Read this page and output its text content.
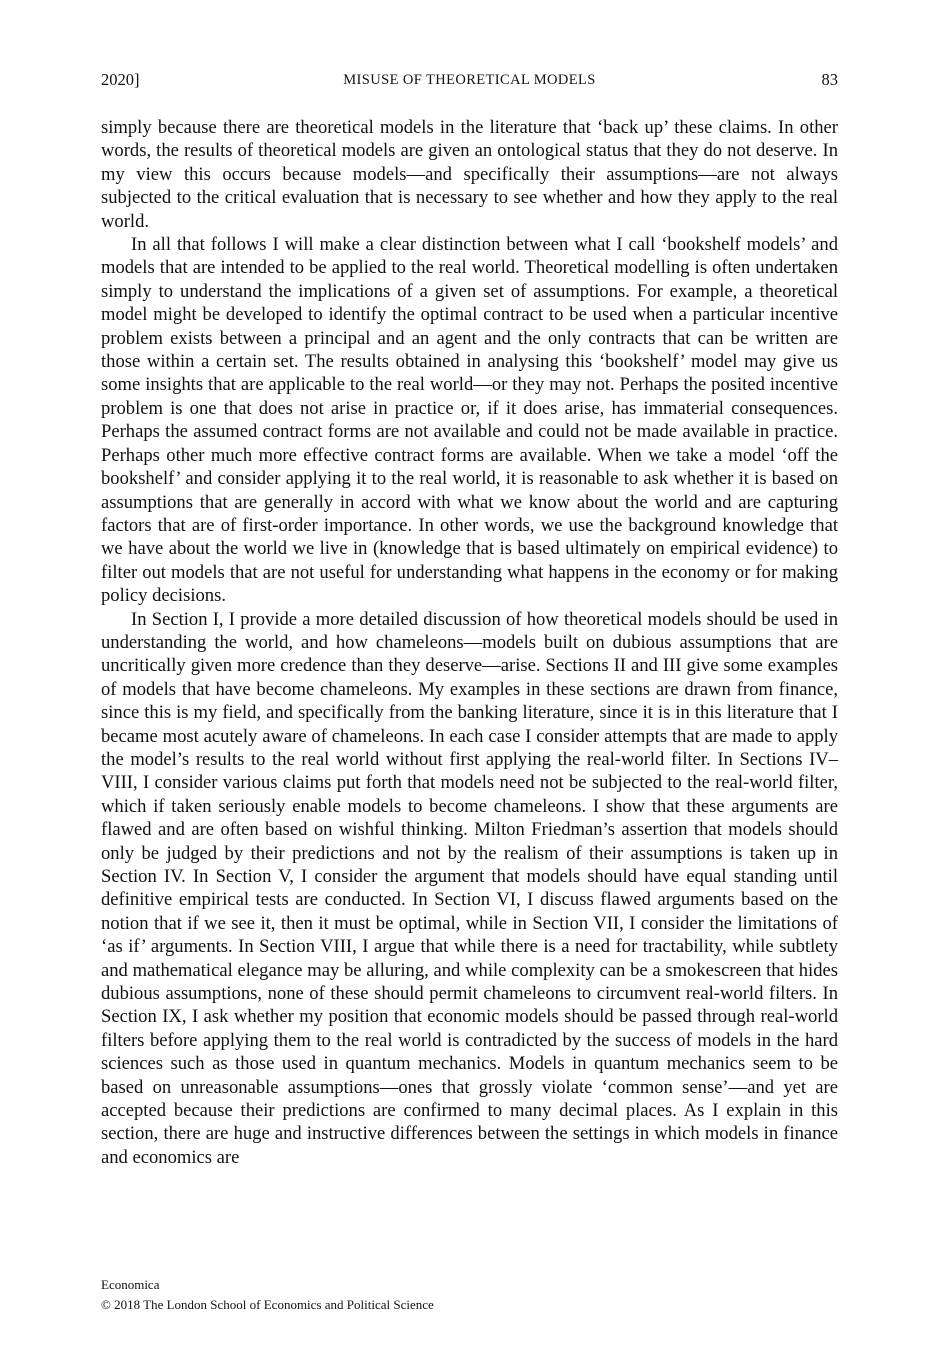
2020]	MISUSE OF THEORETICAL MODELS	83

simply because there are theoretical models in the literature that ‘back up’ these claims. In other words, the results of theoretical models are given an ontological status that they do not deserve. In my view this occurs because models—and specifically their assumptions—are not always subjected to the critical evaluation that is necessary to see whether and how they apply to the real world.

In all that follows I will make a clear distinction between what I call ‘bookshelf models’ and models that are intended to be applied to the real world. Theoretical modelling is often undertaken simply to understand the implications of a given set of assumptions. For example, a theoretical model might be developed to identify the optimal contract to be used when a particular incentive problem exists between a principal and an agent and the only contracts that can be written are those within a certain set. The results obtained in analysing this ‘bookshelf’ model may give us some insights that are applicable to the real world—or they may not. Perhaps the posited incentive problem is one that does not arise in practice or, if it does arise, has immaterial consequences. Perhaps the assumed contract forms are not available and could not be made available in practice. Perhaps other much more effective contract forms are available. When we take a model ‘off the bookshelf’ and consider applying it to the real world, it is reasonable to ask whether it is based on assumptions that are generally in accord with what we know about the world and are capturing factors that are of first-order importance. In other words, we use the background knowledge that we have about the world we live in (knowledge that is based ultimately on empirical evidence) to filter out models that are not useful for understanding what happens in the economy or for making policy decisions.

In Section I, I provide a more detailed discussion of how theoretical models should be used in understanding the world, and how chameleons—models built on dubious assumptions that are uncritically given more credence than they deserve—arise. Sections II and III give some examples of models that have become chameleons. My examples in these sections are drawn from finance, since this is my field, and specifically from the banking literature, since it is in this literature that I became most acutely aware of chameleons. In each case I consider attempts that are made to apply the model’s results to the real world without first applying the real-world filter. In Sections IV–VIII, I consider various claims put forth that models need not be subjected to the real-world filter, which if taken seriously enable models to become chameleons. I show that these arguments are flawed and are often based on wishful thinking. Milton Friedman’s assertion that models should only be judged by their predictions and not by the realism of their assumptions is taken up in Section IV. In Section V, I consider the argument that models should have equal standing until definitive empirical tests are conducted. In Section VI, I discuss flawed arguments based on the notion that if we see it, then it must be optimal, while in Section VII, I consider the limitations of ‘as if’ arguments. In Section VIII, I argue that while there is a need for tractability, while subtlety and mathematical elegance may be alluring, and while complexity can be a smokescreen that hides dubious assumptions, none of these should permit chameleons to circumvent real-world filters. In Section IX, I ask whether my position that economic models should be passed through real-world filters before applying them to the real world is contradicted by the success of models in the hard sciences such as those used in quantum mechanics. Models in quantum mechanics seem to be based on unreasonable assumptions—ones that grossly violate ‘common sense’—and yet are accepted because their predictions are confirmed to many decimal places. As I explain in this section, there are huge and instructive differences between the settings in which models in finance and economics are

Economica
© 2018 The London School of Economics and Political Science
